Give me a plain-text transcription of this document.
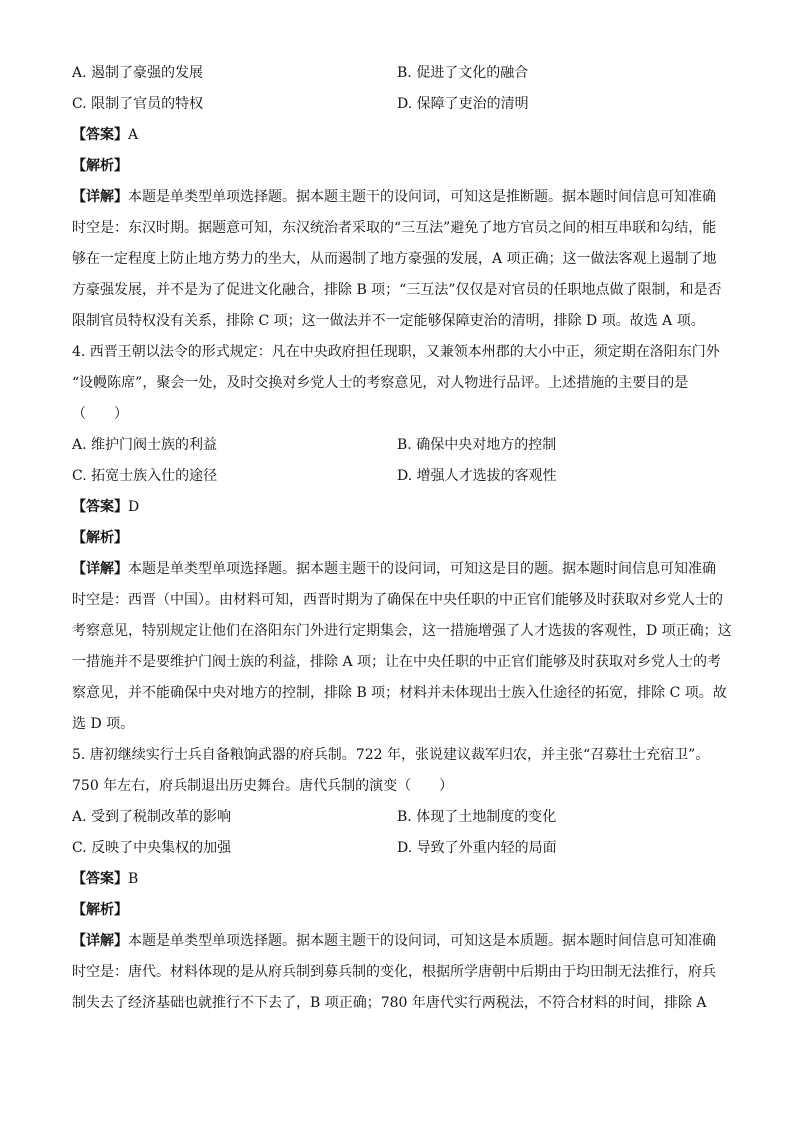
A. 遏制了豪强的发展	B. 促进了文化的融合
C. 限制了官员的特权	D. 保障了吏治的清明
【答案】A
【解析】
【详解】本题是单类型单项选择题。据本题主题干的设问词，可知这是推断题。据本题时间信息可知准确
时空是：东汉时期。据题意可知，东汉统治者采取的“三互法”避免了地方官员之间的相互串联和勾结，能
够在一定程度上防止地方势力的坐大，从而遏制了地方豪强的发展，A 项正确；这一做法客观上遏制了地
方豪强发展，并不是为了促进文化融合，排除 B 项；“三互法”仅仅是对官员的任职地点做了限制，和是否
限制官员特权没有关系，排除 C 项；这一做法并不一定能够保障吏治的清明，排除 D 项。故选 A 项。
4. 西晋王朝以法令的形式规定：凡在中央政府担任现职，又兼领本州郡的大小中正，须定期在洛阳东门外
“设幔陈席”，聚会一处，及时交换对乡党人士的考察意见，对人物进行品评。上述措施的主要目的是
（　　）
A. 维护门阀士族的利益	B. 确保中央对地方的控制
C. 拓宽士族入仕的途径	D. 增强人才选拔的客观性
【答案】D
【解析】
【详解】本题是单类型单项选择题。据本题主题干的设问词，可知这是目的题。据本题时间信息可知准确
时空是：西晋（中国）。由材料可知，西晋时期为了确保在中央任职的中正官们能够及时获取对乡党人士的
考察意见，特别规定让他们在洛阳东门外进行定期集会，这一措施增强了人才选拔的客观性，D 项正确；这
一措施并不是要维护门阀士族的利益，排除 A 项；让在中央任职的中正官们能够及时获取对乡党人士的考
察意见，并不能确保中央对地方的控制，排除 B 项；材料并未体现出士族入仕途径的拓宽，排除 C 项。故
选 D 项。
5. 唐初继续实行士兵自备粮饷武器的府兵制。722 年，张说建议裁军归农，并主张“召募壮士充宿卫”。
750 年左右，府兵制退出历史舞台。唐代兵制的演变（　　）
A. 受到了税制改革的影响	B. 体现了土地制度的变化
C. 反映了中央集权的加强	D. 导致了外重内轻的局面
【答案】B
【解析】
【详解】本题是单类型单项选择题。据本题主题干的设问词，可知这是本质题。据本题时间信息可知准确
时空是：唐代。材料体现的是从府兵制到募兵制的变化，根据所学唐朝中后期由于均田制无法推行，府兵
制失去了经济基础也就推行不下去了，B 项正确；780 年唐代实行两税法，不符合材料的时间，排除 A
